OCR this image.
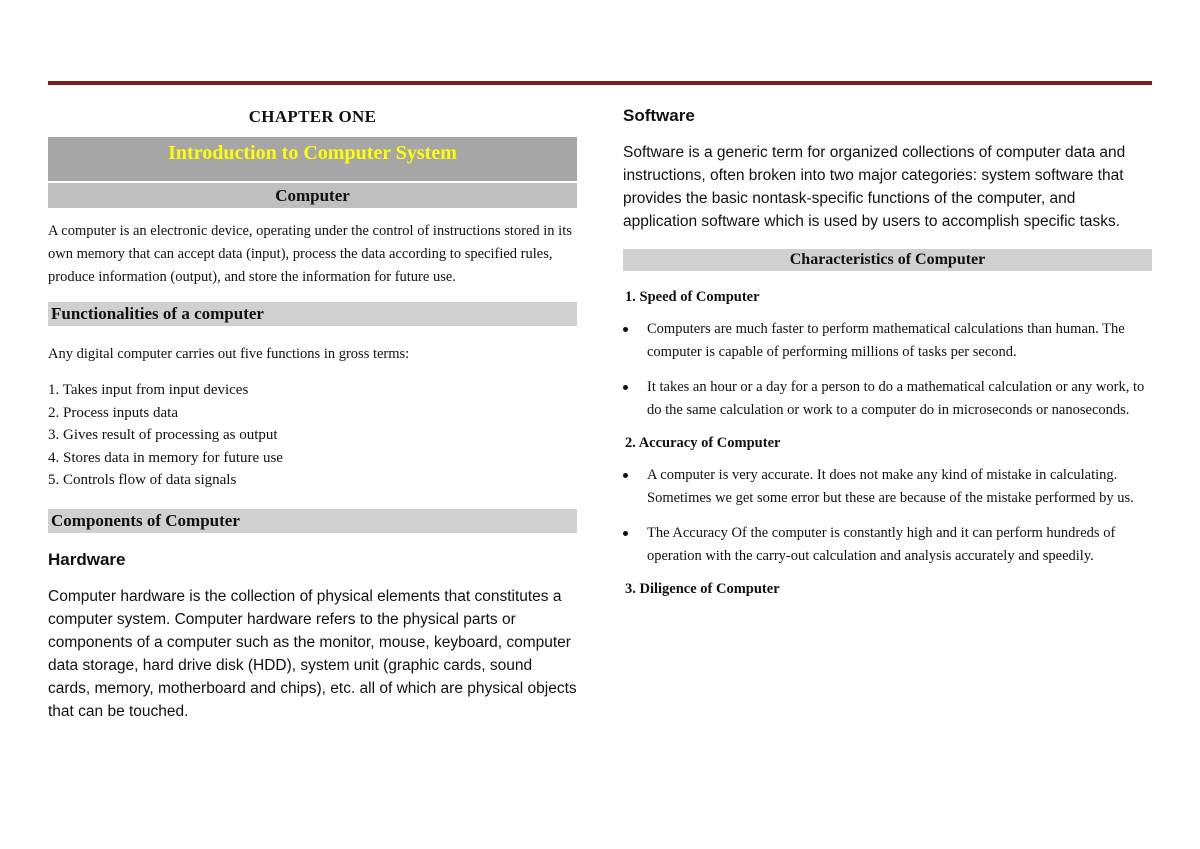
CHAPTER ONE
Introduction to Computer System
Computer

A computer is an electronic device, operating under the control of instructions stored in its own memory that can accept data (input), process the data according to specified rules, produce information (output), and store the information for future use.

Functionalities of a computer

Any digital computer carries out five functions in gross terms:

1. Takes input from input devices

2. Process inputs data

3. Gives result of processing as output

4. Stores data in memory for future use

5. Controls flow of data signals

Components of Computer

Hardware

Computer hardware is the collection of physical elements that constitutes a computer system. Computer hardware refers to the physical parts or components of a computer such as the monitor, mouse, keyboard, computer data storage, hard drive disk (HDD), system unit (graphic cards, sound cards, memory, motherboard and chips), etc. all of which are physical objects that can be touched.

Software

Software is a generic term for organized collections of computer data and instructions, often broken into two major categories: system software that provides the basic nontask-specific functions of the computer, and application software which is used by users to accomplish specific tasks.

Characteristics of Computer

1. Speed of Computer

Computers are much faster to perform mathematical calculations than human. The computer is capable of performing millions of tasks per second.

It takes an hour or a day for a person to do a mathematical calculation or any work, to do the same calculation or work to a computer do in microseconds or nanoseconds.

2. Accuracy of Computer

A computer is very accurate. It does not make any kind of mistake in calculating. Sometimes we get some error but these are because of the mistake performed by us.

The Accuracy Of the computer is constantly high and it can perform hundreds of operation with the carry-out calculation and analysis accurately and speedily.

3. Diligence of Computer
